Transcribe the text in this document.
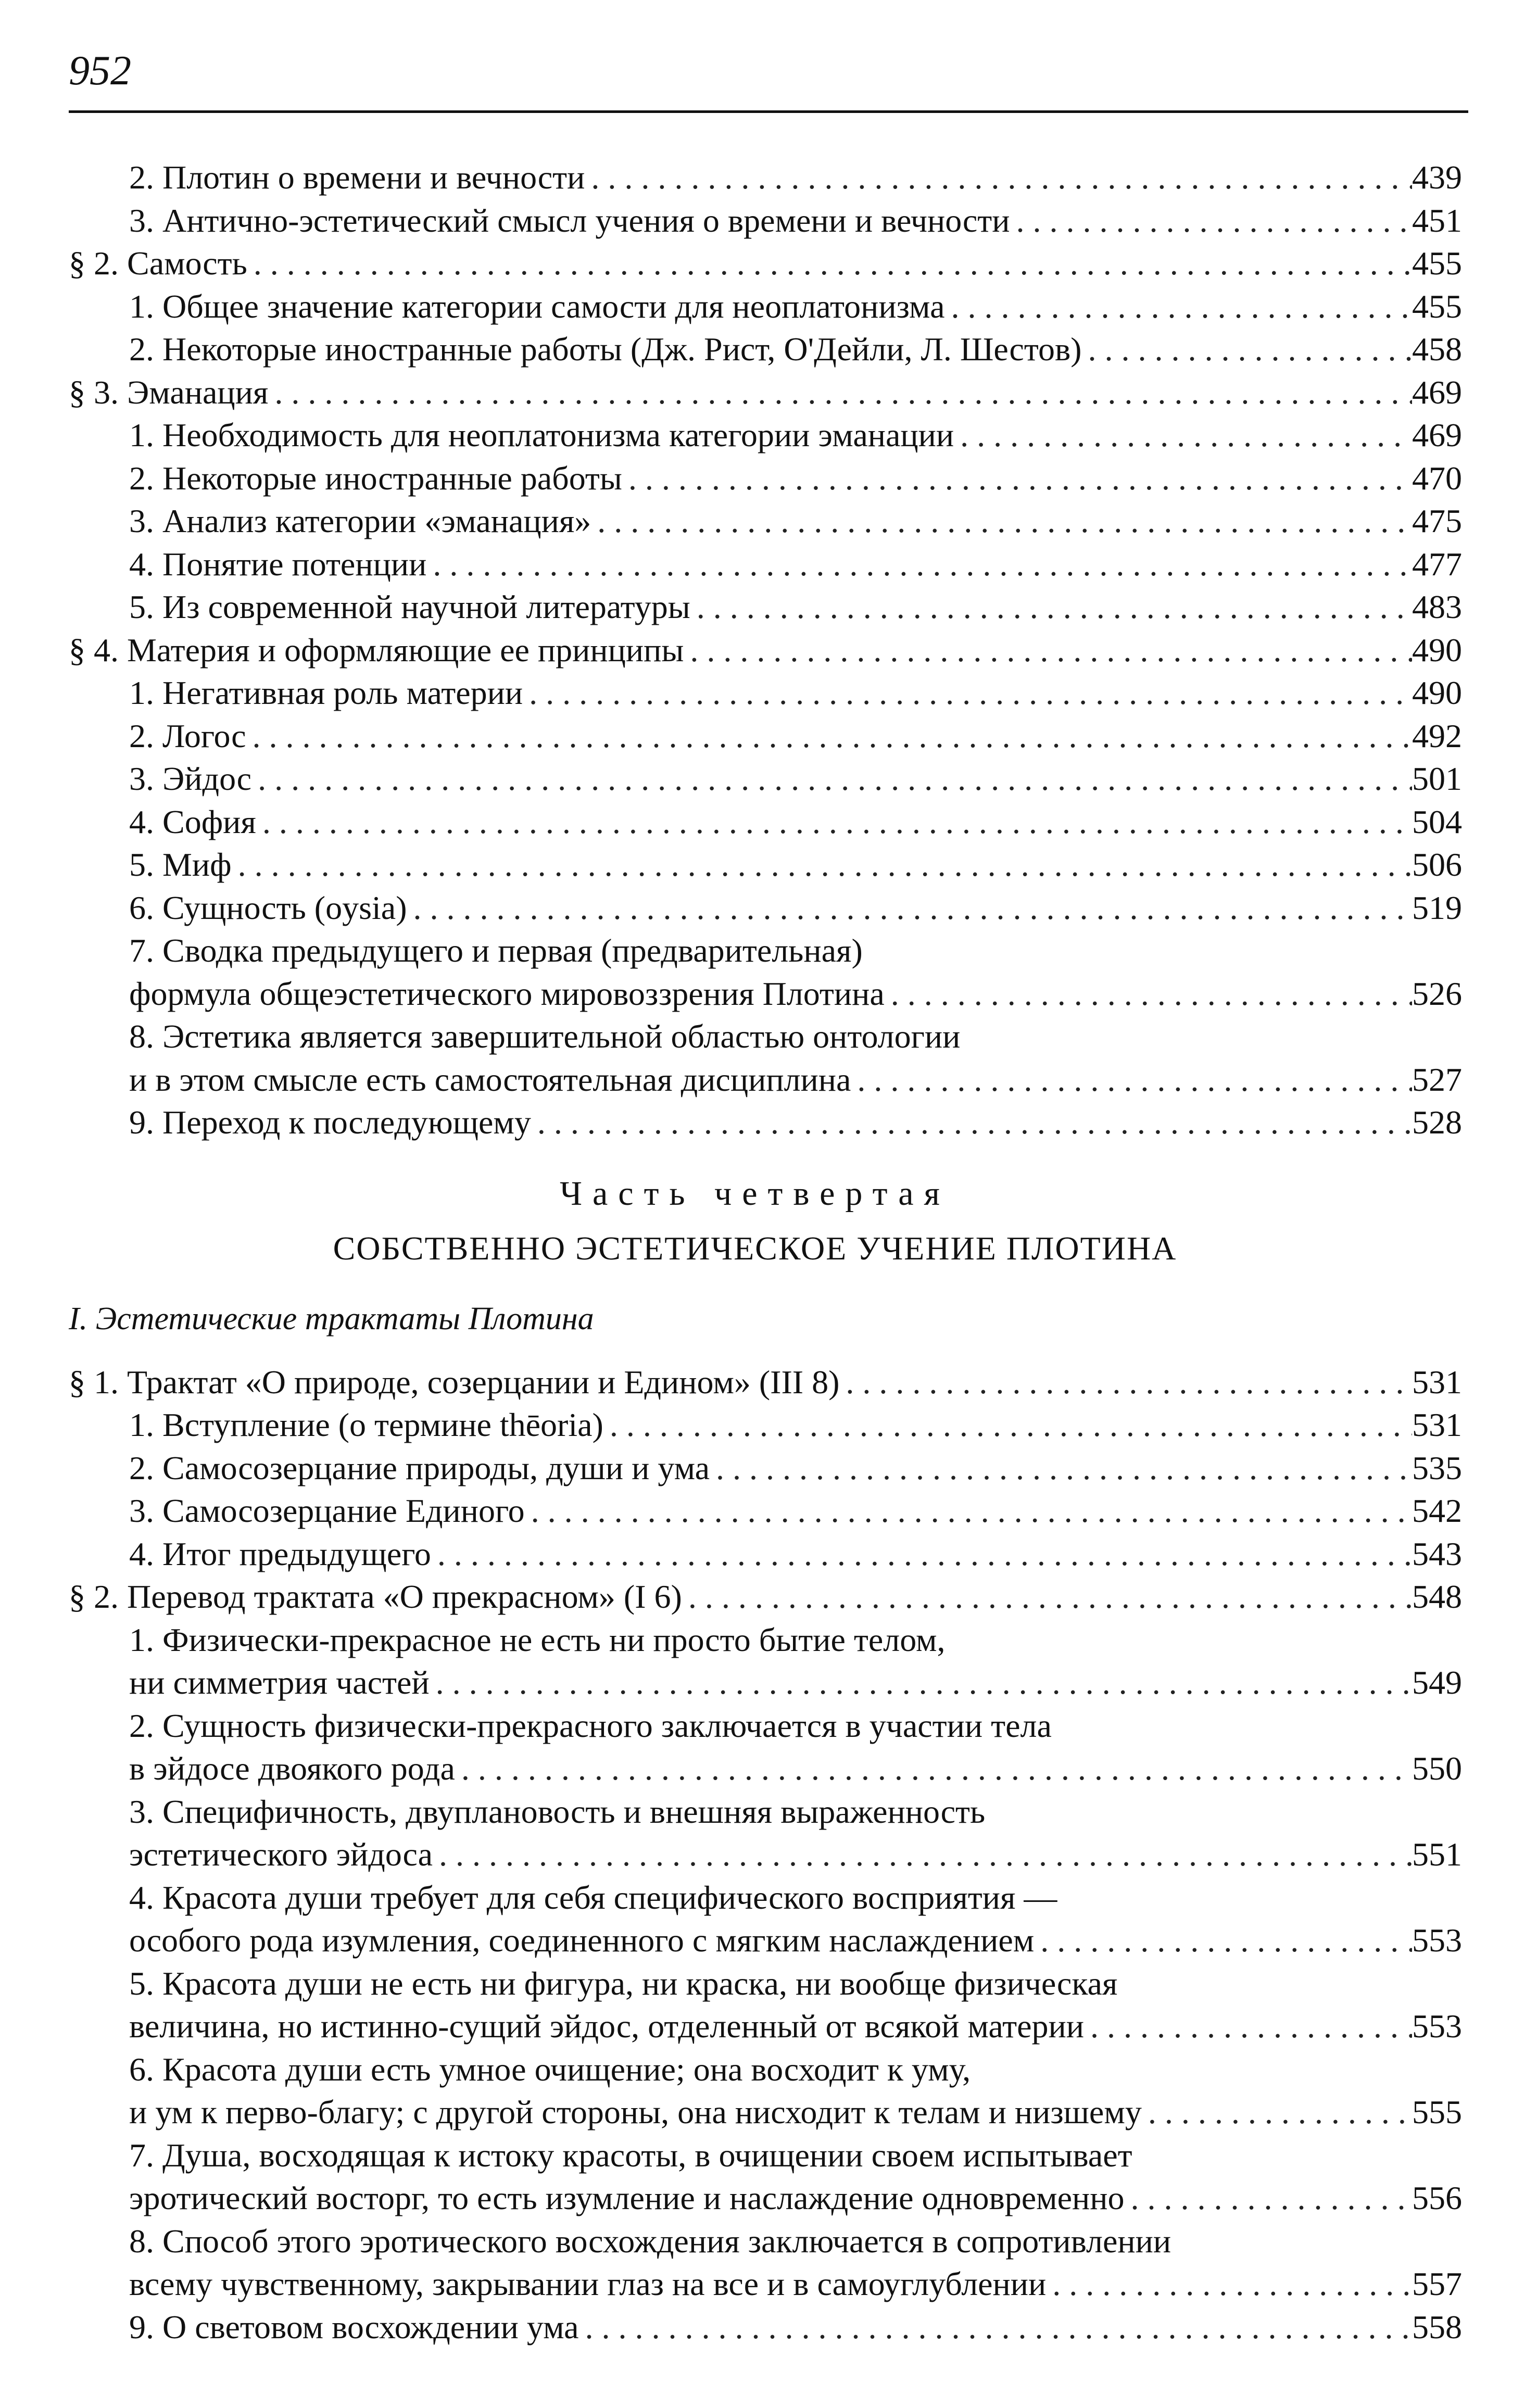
952
2. Плотин о времени и вечности . . .	439
3. Антично-эстетический смысл учения о времени и вечности . . .	451
§ 2. Самость . . .	455
1. Общее значение категории самости для неоплатонизма . . .	455
2. Некоторые иностранные работы (Дж. Рист, О'Дейли, Л. Шестов) . . .	458
§ 3. Эманация . . .	469
1. Необходимость для неоплатонизма категории эманации . . .	469
2. Некоторые иностранные работы . . .	470
3. Анализ категории «эманация» . . .	475
4. Понятие потенции . . .	477
5. Из современной научной литературы . . .	483
§ 4. Материя и оформляющие ее принципы . . .	490
1. Негативная роль материи . . .	490
2. Логос . . .	492
3. Эйдос . . .	501
4. София . . .	504
5. Миф . . .	506
6. Сущность (oysia) . . .	519
7. Сводка предыдущего и первая (предварительная)
формула общеэстетического мировоззрения Плотина . . .	526
8. Эстетика является завершительной областью онтологии
и в этом смысле есть самостоятельная дисциплина . . .	527
9. Переход к последующему . . .	528
Часть четвертая
СОБСТВЕННО ЭСТЕТИЧЕСКОЕ УЧЕНИЕ ПЛОТИНА
I. Эстетические трактаты Плотина
§ 1. Трактат «О природе, созерцании и Едином» (III 8) . . .	531
1. Вступление (о термине thēoria) . . .	531
2. Самосозерцание природы, души и ума . . .	535
3. Самосозерцание Единого . . .	542
4. Итог предыдущего . . .	543
§ 2. Перевод трактата «О прекрасном» (I 6) . . .	548
1. Физически-прекрасное не есть ни просто бытие телом,
ни симметрия частей . . .	549
2. Сущность физически-прекрасного заключается в участии тела
в эйдосе двоякого рода . . .	550
3. Специфичность, двуплановость и внешняя выраженность
эстетического эйдоса . . .	551
4. Красота души требует для себя специфического восприятия —
особого рода изумления, соединенного с мягким наслаждением . . .	553
5. Красота души не есть ни фигура, ни краска, ни вообще физическая
величина, но истинно-сущий эйдос, отделенный от всякой материи . . .	553
6. Красота души есть умное очищение; она восходит к уму,
и ум к перво-благу; с другой стороны, она нисходит к телам и низшему . . .	555
7. Душа, восходящая к истоку красоты, в очищении своем испытывает
эротический восторг, то есть изумление и наслаждение одновременно . . .	556
8. Способ этого эротического восхождения заключается в сопротивлении
всему чувственному, закрывании глаз на все и в самоуглублении . . .	557
9. О световом восхождении ума . . .	558
